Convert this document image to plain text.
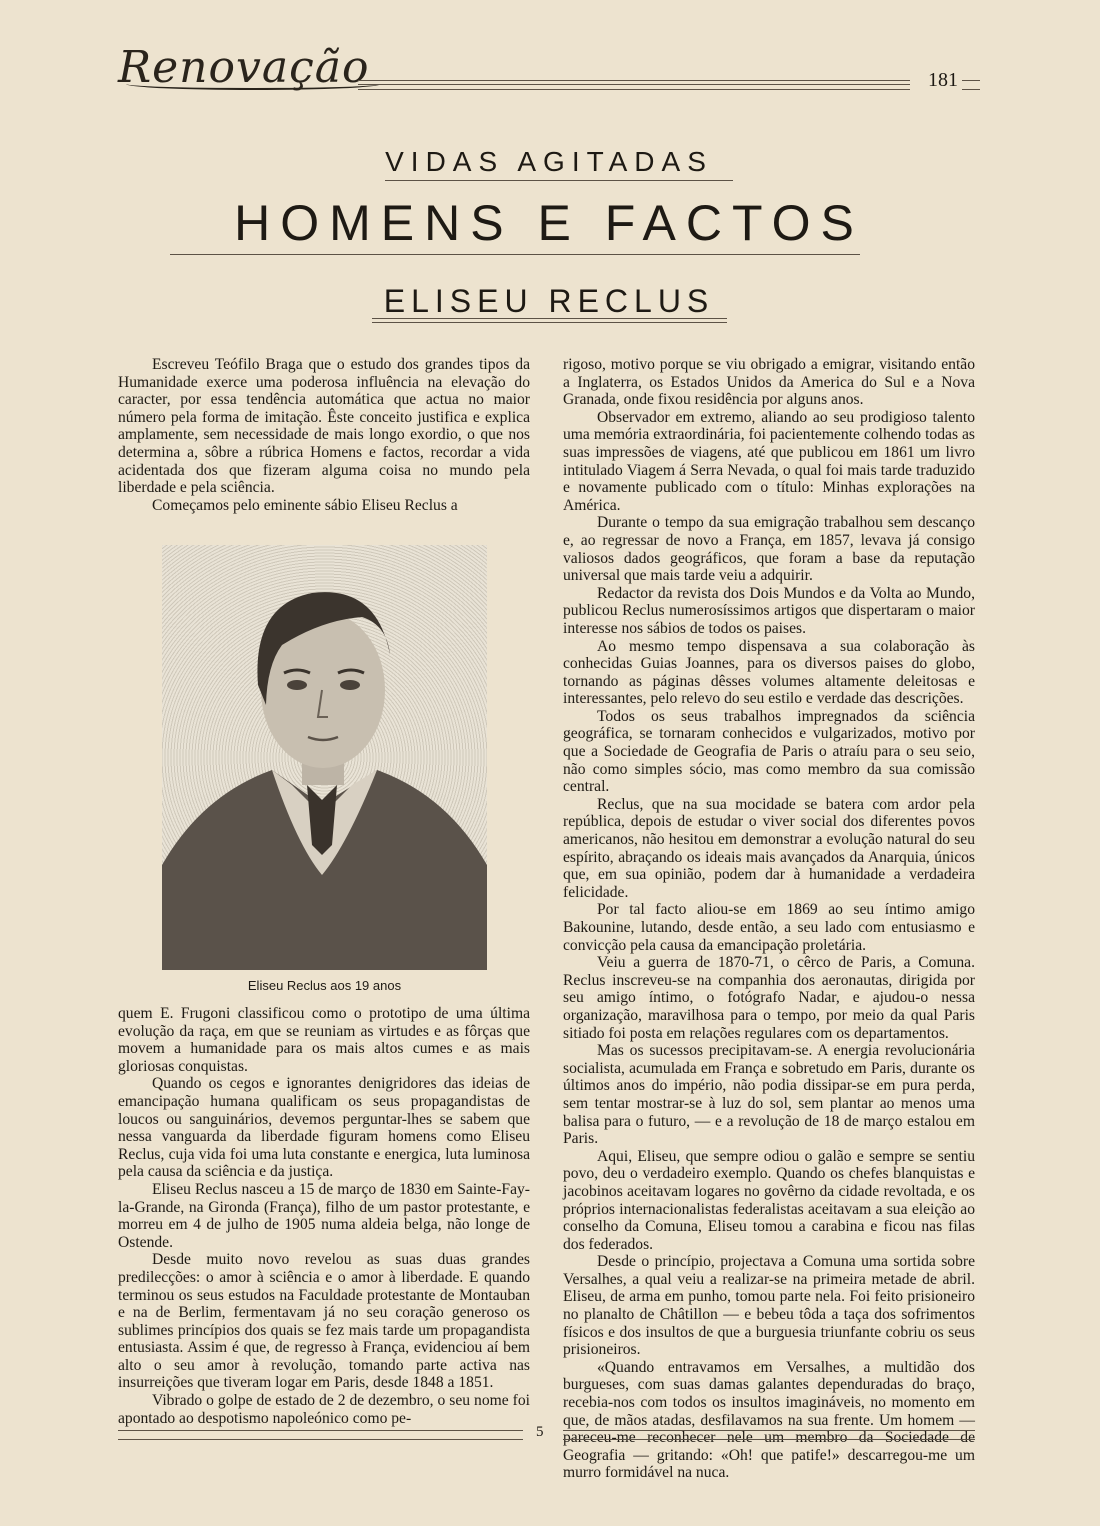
Renovação	181
VIDAS AGITADAS
HOMENS E FACTOS
ELISEU RECLUS

Escreveu Teófilo Braga que o estudo dos grandes tipos da Humanidade exerce uma poderosa influência na elevação do caracter, por essa tendência automática que actua no maior número pela forma de imitação. Êste conceito justifica e explica amplamente, sem necessidade de mais longo exordio, o que nos determina a, sôbre a rúbrica Homens e factos, recordar a vida acidentada dos que fizeram alguma coisa no mundo pela liberdade e pela sciência.

Começamos pelo eminente sábio Eliseu Reclus a

Eliseu Reclus aos 19 anos

quem E. Frugoni classificou como o prototipo de uma última evolução da raça, em que se reuniam as virtudes e as fôrças que movem a humanidade para os mais altos cumes e as mais gloriosas conquistas.

Quando os cegos e ignorantes denigridores das ideias de emancipação humana qualificam os seus propagandistas de loucos ou sanguinários, devemos perguntar-lhes se sabem que nessa vanguarda da liberdade figuram homens como Eliseu Reclus, cuja vida foi uma luta constante e energica, luta luminosa pela causa da sciência e da justiça.

Eliseu Reclus nasceu a 15 de março de 1830 em Sainte-Fay-la-Grande, na Gironda (França), filho de um pastor protestante, e morreu em 4 de julho de 1905 numa aldeia belga, não longe de Ostende.

Desde muito novo revelou as suas duas grandes predilecções: o amor à sciência e o amor à liberdade. E quando terminou os seus estudos na Faculdade protestante de Montauban e na de Berlim, fermentavam já no seu coração generoso os sublimes princípios dos quais se fez mais tarde um propagandista entusiasta. Assim é que, de regresso à França, evidenciou aí bem alto o seu amor à revolução, tomando parte activa nas insurreições que tiveram logar em Paris, desde 1848 a 1851.

Vibrado o golpe de estado de 2 de dezembro, o seu nome foi apontado ao despotismo napoleónico como pe-

rigoso, motivo porque se viu obrigado a emigrar, visitando então a Inglaterra, os Estados Unidos da America do Sul e a Nova Granada, onde fixou residência por alguns anos.

Observador em extremo, aliando ao seu prodigioso talento uma memória extraordinária, foi pacientemente colhendo todas as suas impressões de viagens, até que publicou em 1861 um livro intitulado Viagem á Serra Nevada, o qual foi mais tarde traduzido e novamente publicado com o título: Minhas explorações na América.

Durante o tempo da sua emigração trabalhou sem descanço e, ao regressar de novo a França, em 1857, levava já consigo valiosos dados geográficos, que foram a base da reputação universal que mais tarde veiu a adquirir.

Redactor da revista dos Dois Mundos e da Volta ao Mundo, publicou Reclus numerosíssimos artigos que dispertaram o maior interesse nos sábios de todos os paises.

Ao mesmo tempo dispensava a sua colaboração às conhecidas Guias Joannes, para os diversos paises do globo, tornando as páginas dêsses volumes altamente deleitosas e interessantes, pelo relevo do seu estilo e verdade das descrições.

Todos os seus trabalhos impregnados da sciência geográfica, se tornaram conhecidos e vulgarizados, motivo por que a Sociedade de Geografia de Paris o atraíu para o seu seio, não como simples sócio, mas como membro da sua comissão central.

Reclus, que na sua mocidade se batera com ardor pela república, depois de estudar o viver social dos diferentes povos americanos, não hesitou em demonstrar a evolução natural do seu espírito, abraçando os ideais mais avançados da Anarquia, únicos que, em sua opinião, podem dar à humanidade a verdadeira felicidade.

Por tal facto aliou-se em 1869 ao seu íntimo amigo Bakounine, lutando, desde então, a seu lado com entusiasmo e convicção pela causa da emancipação proletária.

Veiu a guerra de 1870-71, o cêrco de Paris, a Comuna. Reclus inscreveu-se na companhia dos aeronautas, dirigida por seu amigo íntimo, o fotógrafo Nadar, e ajudou-o nessa organização, maravilhosa para o tempo, por meio da qual Paris sitiado foi posta em relações regulares com os departamentos.

Mas os sucessos precipitavam-se. A energia revolucionária socialista, acumulada em França e sobretudo em Paris, durante os últimos anos do império, não podia dissipar-se em pura perda, sem tentar mostrar-se à luz do sol, sem plantar ao menos uma balisa para o futuro, — e a revolução de 18 de março estalou em Paris.

Aqui, Eliseu, que sempre odiou o galão e sempre se sentiu povo, deu o verdadeiro exemplo. Quando os chefes blanquistas e jacobinos aceitavam logares no govêrno da cidade revoltada, e os próprios internacionalistas federalistas aceitavam a sua eleição ao conselho da Comuna, Eliseu tomou a carabina e ficou nas filas dos federados.

Desde o princípio, projectava a Comuna uma sortida sobre Versalhes, a qual veiu a realizar-se na primeira metade de abril. Eliseu, de arma em punho, tomou parte nela. Foi feito prisioneiro no planalto de Châtillon — e bebeu tôda a taça dos sofrimentos físicos e dos insultos de que a burguesia triunfante cobriu os seus prisioneiros.

«Quando entravamos em Versalhes, a multidão dos burgueses, com suas damas galantes dependuradas do braço, recebia-nos com todos os insultos imagináveis, no momento em que, de mãos atadas, desfilavamos na sua frente. Um homem — pareceu-me reconhecer nele um membro da Sociedade de Geografia — gritando: «Oh! que patife!» descarregou-me um murro formidável na nuca.

5
